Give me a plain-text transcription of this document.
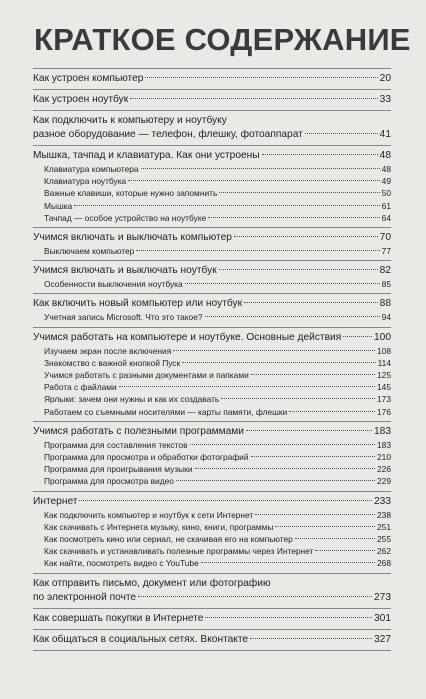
КРАТКОЕ СОДЕРЖАНИЕ
Как устроен компьютер	20
Как устроен ноутбук	33
Как подключить к компьютеру и ноутбуку
разное оборудование — телефон, флешку, фотоаппарат	41
Мышка, тачпад и клавиатура. Как они устроены	48
Клавиатура компьютера	48
Клавиатура ноутбука	49
Важные клавиши, которые нужно запомнить	50
Мышка	61
Тачпад — особое устройство на ноутбуке	64
Учимся включать и выключать компьютер	70
Выключаем компьютер	77
Учимся включать и выключать ноутбук	82
Особенности выключения ноутбука	85
Как включить новый компьютер или ноутбук	88
Учетная запись Microsoft. Что это такое?	94
Учимся работать на компьютере и ноутбуке. Основные действия	100
Изучаем экран после включения	108
Знакомство с важной кнопкой Пуск	114
Учимся работать с разными документами и папками	125
Работа с файлами	145
Ярлыки: зачем они нужны и как их создавать	173
Работаем со съемными носителями — карты памяти, флешки	176
Учимся работать с полезными программами	183
Программа для составления текстов	183
Программа для просмотра и обработки фотографий	210
Программа для проигрывания музыки	226
Программа для просмотра видео	229
Интернет	233
Как подключить компьютер и ноутбук к сети Интернет	238
Как скачивать с Интернета музыку, кино, книги, программы	251
Как посмотреть кино или сериал, не скачивая его на компьютер	255
Как скачивать и устанавливать полезные программы через Интернет	262
Как найти, посмотреть видео с YouTube	268
Как отправить письмо, документ или фотографию
по электронной почте	273
Как совершать покупки в Интернете	301
Как общаться в социальных сетях. Вконтакте	327
